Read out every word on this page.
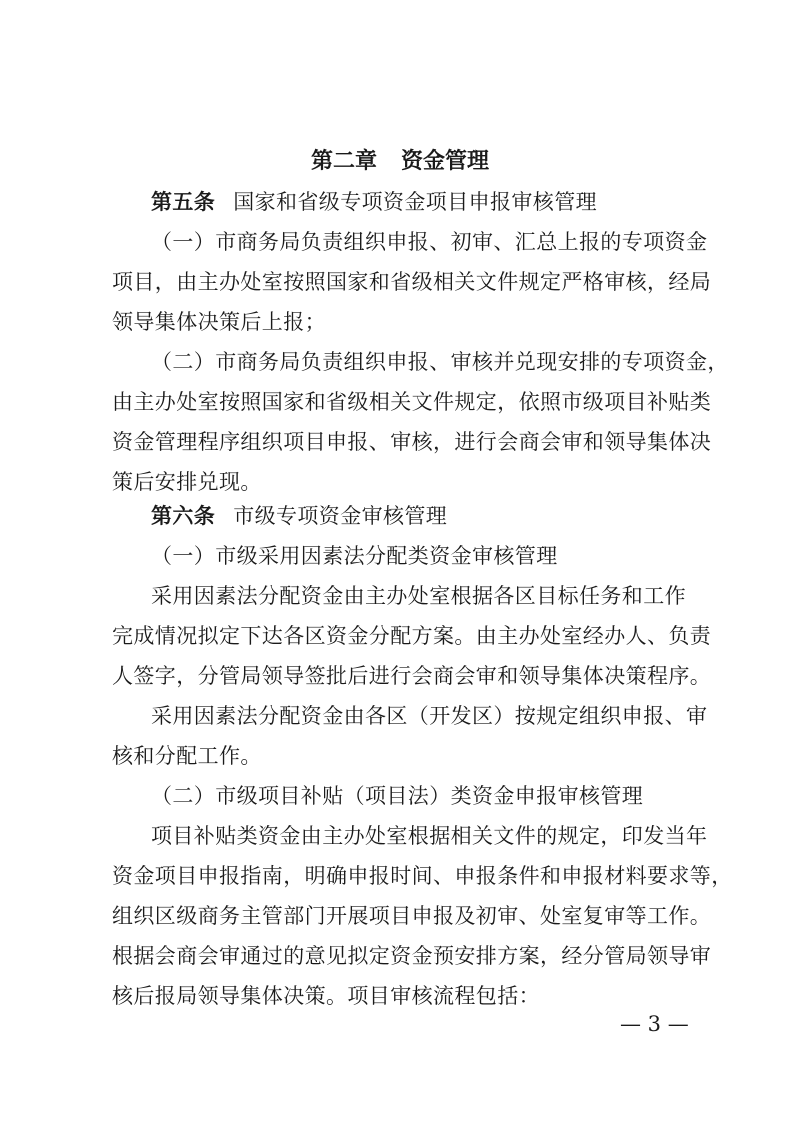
第二章 资金管理
第五条 国家和省级专项资金项目申报审核管理
（一）市商务局负责组织申报、初审、汇总上报的专项资金
项目，由主办处室按照国家和省级相关文件规定严格审核，经局
领导集体决策后上报；
（二）市商务局负责组织申报、审核并兑现安排的专项资金，
由主办处室按照国家和省级相关文件规定，依照市级项目补贴类
资金管理程序组织项目申报、审核，进行会商会审和领导集体决
策后安排兑现。
第六条 市级专项资金审核管理
（一）市级采用因素法分配类资金审核管理
采用因素法分配资金由主办处室根据各区目标任务和工作
完成情况拟定下达各区资金分配方案。由主办处室经办人、负责
人签字，分管局领导签批后进行会商会审和领导集体决策程序。
采用因素法分配资金由各区（开发区）按规定组织申报、审
核和分配工作。
（二）市级项目补贴（项目法）类资金申报审核管理
项目补贴类资金由主办处室根据相关文件的规定，印发当年
资金项目申报指南，明确申报时间、申报条件和申报材料要求等，
组织区级商务主管部门开展项目申报及初审、处室复审等工作。
根据会商会审通过的意见拟定资金预安排方案，经分管局领导审
核后报局领导集体决策。项目审核流程包括：
— 3 —
